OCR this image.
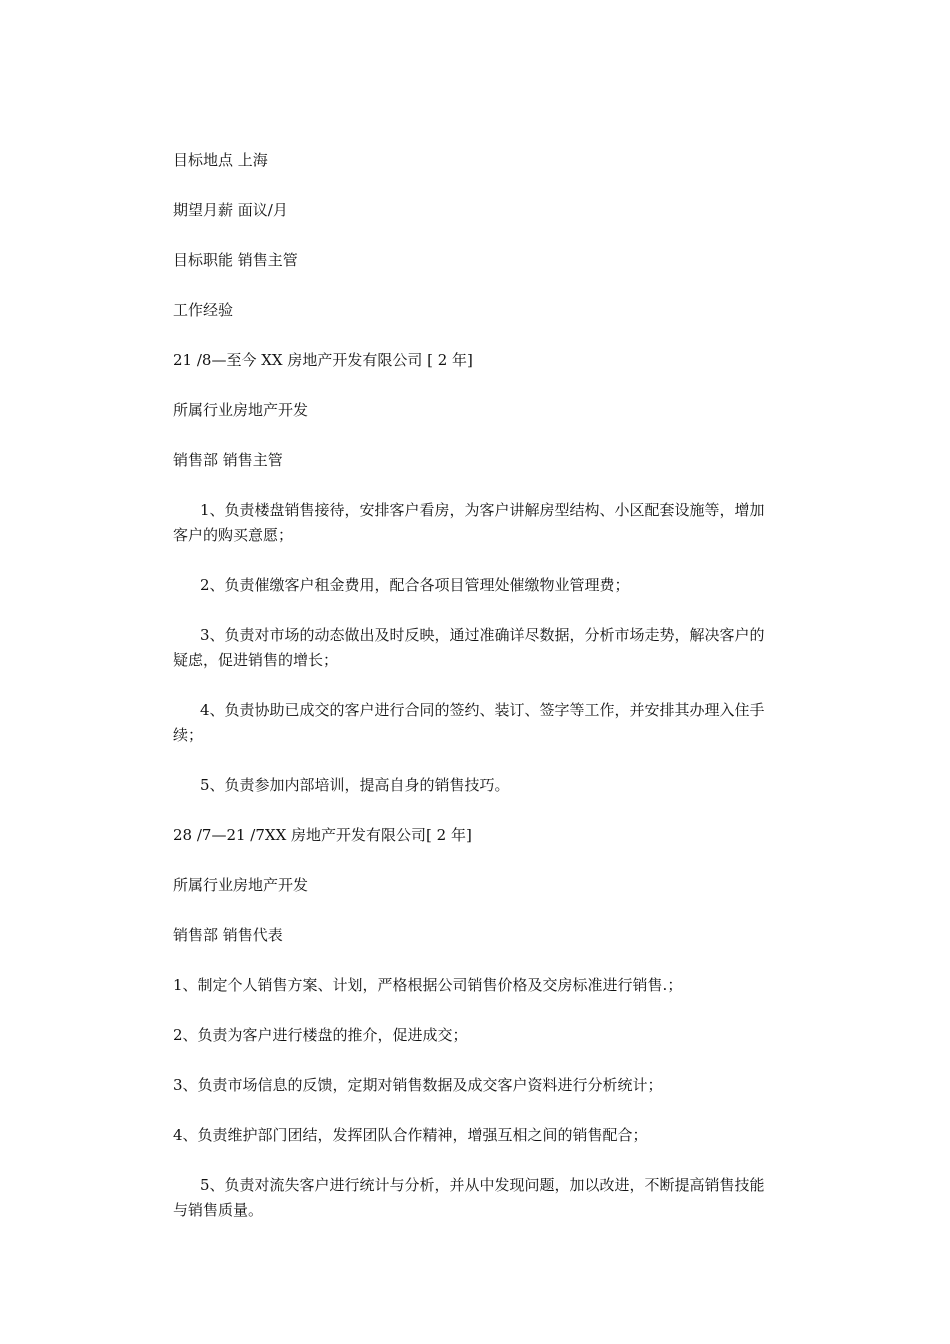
目标地点 上海

期望月薪 面议/月

目标职能 销售主管

工作经验

21 /8—至今 XX 房地产开发有限公司 [ 2 年]

所属行业房地产开发

销售部 销售主管

1、负责楼盘销售接待，安排客户看房，为客户讲解房型结构、小区配套设施等，增加
客户的购买意愿；
2、负责催缴客户租金费用，配合各项目管理处催缴物业管理费；
3、负责对市场的动态做出及时反映，通过准确详尽数据，分析市场走势，解决客户的
疑虑，促进销售的增长；
4、负责协助已成交的客户进行合同的签约、装订、签字等工作，并安排其办理入住手
续；
5、负责参加内部培训，提高自身的销售技巧。

28 /7—21 /7XX 房地产开发有限公司[ 2 年]

所属行业房地产开发

销售部 销售代表

1、制定个人销售方案、计划，严格根据公司销售价格及交房标准进行销售.；
2、负责为客户进行楼盘的推介，促进成交；
3、负责市场信息的反馈，定期对销售数据及成交客户资料进行分析统计；
4、负责维护部门团结，发挥团队合作精神，增强互相之间的销售配合；
5、负责对流失客户进行统计与分析，并从中发现问题，加以改进，不断提高销售技能
与销售质量。
